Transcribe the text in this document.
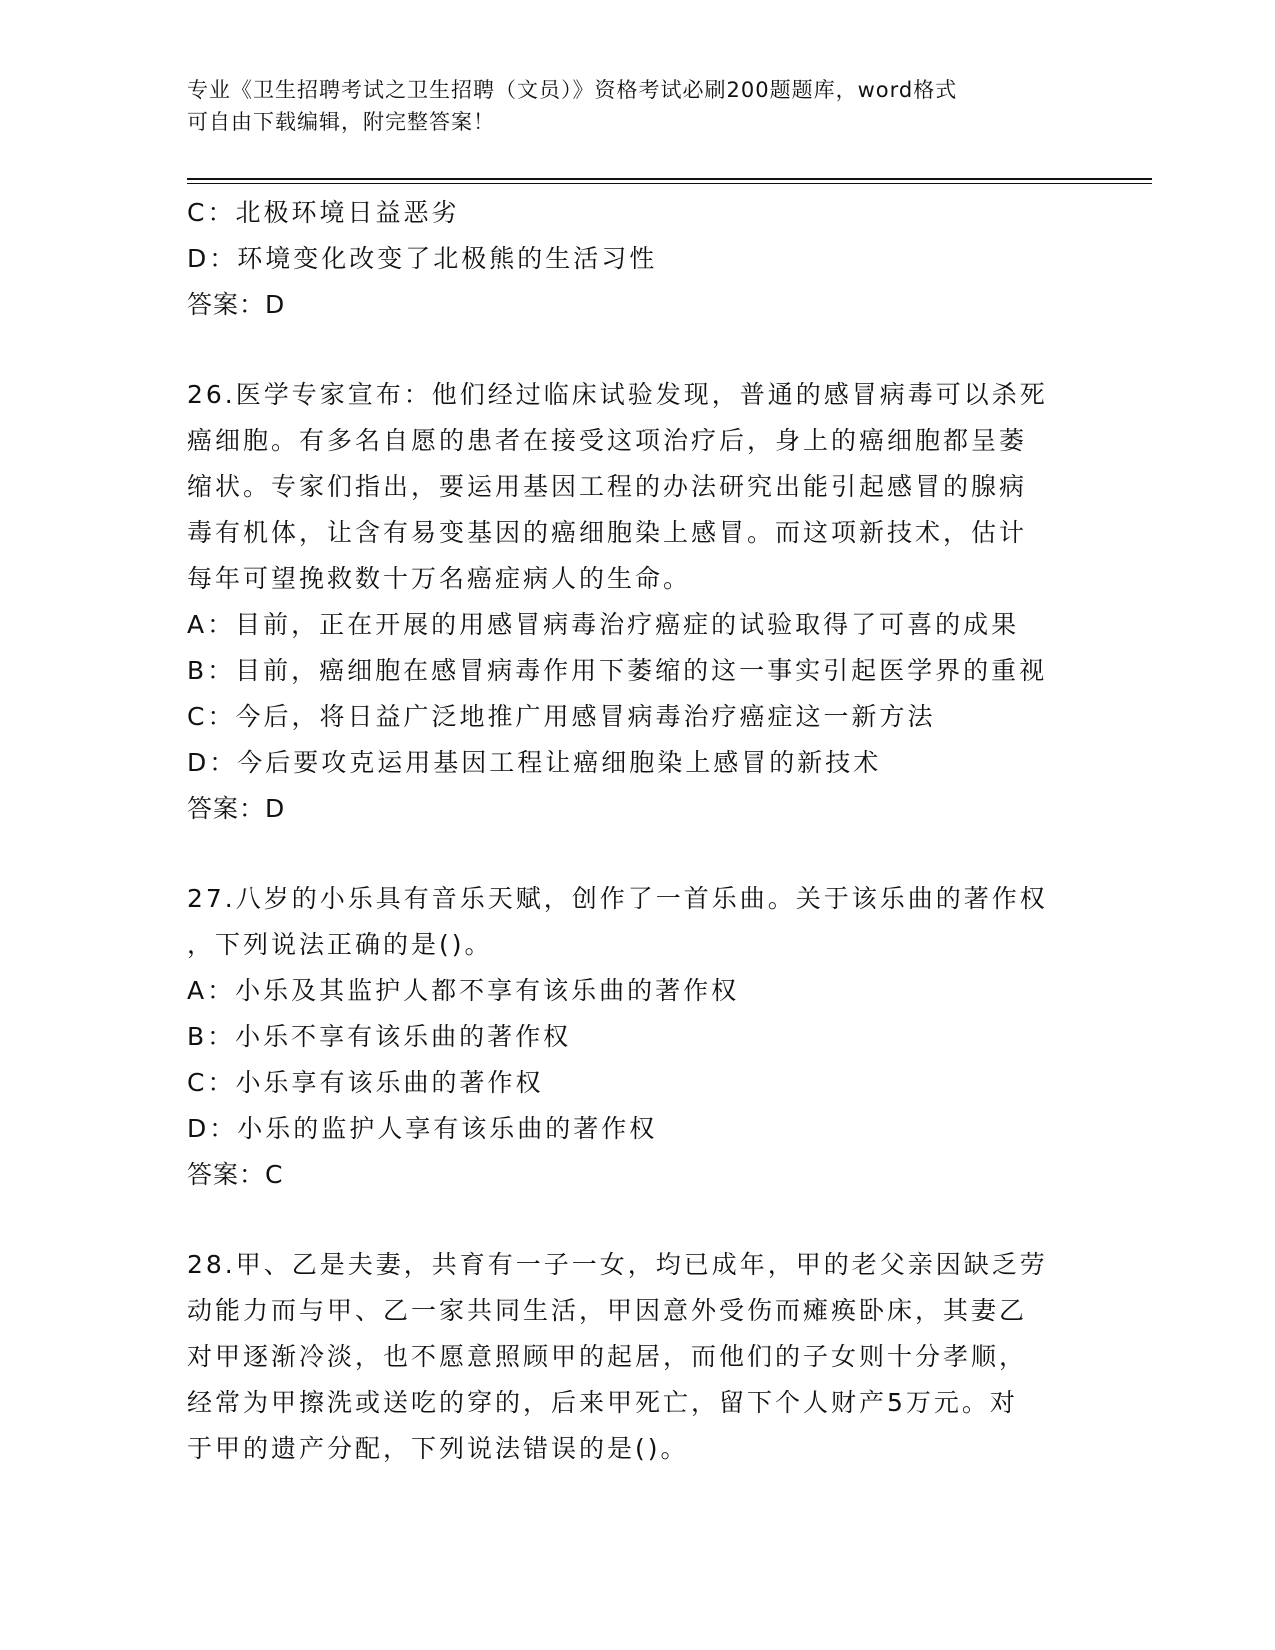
专业《卫生招聘考试之卫生招聘（文员）》资格考试必刷200题题库，word格式
可自由下载编辑，附完整答案！
C：北极环境日益恶劣
D：环境变化改变了北极熊的生活习性
答案：D
26.医学专家宣布：他们经过临床试验发现，普通的感冒病毒可以杀死
癌细胞。有多名自愿的患者在接受这项治疗后，身上的癌细胞都呈萎
缩状。专家们指出，要运用基因工程的办法研究出能引起感冒的腺病
毒有机体，让含有易变基因的癌细胞染上感冒。而这项新技术，估计
每年可望挽救数十万名癌症病人的生命。
A：目前，正在开展的用感冒病毒治疗癌症的试验取得了可喜的成果
B：目前，癌细胞在感冒病毒作用下萎缩的这一事实引起医学界的重视
C：今后，将日益广泛地推广用感冒病毒治疗癌症这一新方法
D：今后要攻克运用基因工程让癌细胞染上感冒的新技术
答案：D
27.八岁的小乐具有音乐天赋，创作了一首乐曲。关于该乐曲的著作权
，下列说法正确的是()。
A：小乐及其监护人都不享有该乐曲的著作权
B：小乐不享有该乐曲的著作权
C：小乐享有该乐曲的著作权
D：小乐的监护人享有该乐曲的著作权
答案：C
28.甲、乙是夫妻，共育有一子一女，均已成年，甲的老父亲因缺乏劳
动能力而与甲、乙一家共同生活，甲因意外受伤而瘫痪卧床，其妻乙
对甲逐渐冷淡，也不愿意照顾甲的起居，而他们的子女则十分孝顺，
经常为甲擦洗或送吃的穿的，后来甲死亡，留下个人财产5万元。对
于甲的遗产分配，下列说法错误的是()。
